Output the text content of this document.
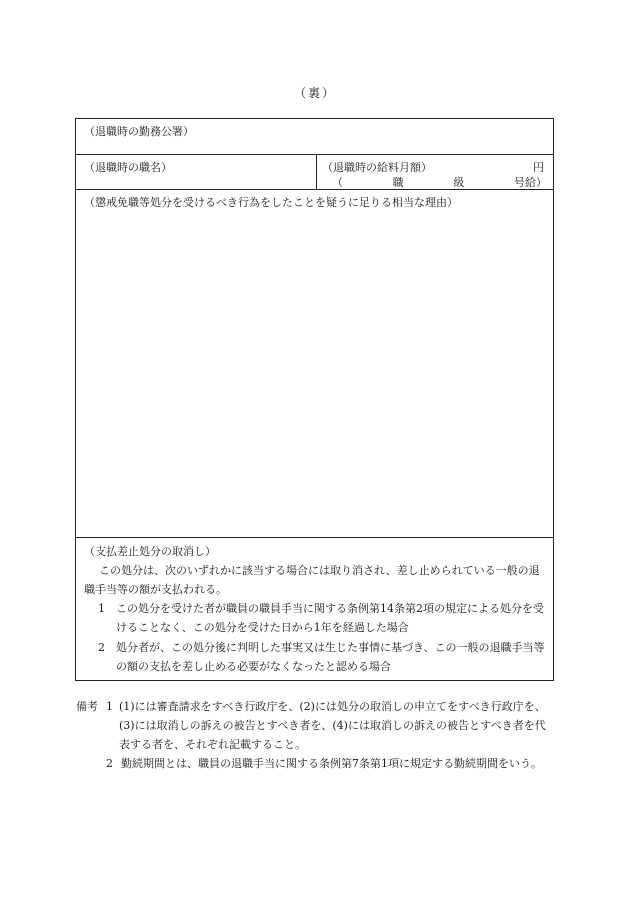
（裏）
（退職時の勤務公署）
（退職時の職名）	（退職時の給料月額）	円
（	職	級	号給）
（懲戒免職等処分を受けるべき行為をしたことを疑うに足りる相当な理由）
（支払差止処分の取消し）
この処分は、次のいずれかに該当する場合には取り消され、差し止められている一般の退職手当等の額が支払われる。
1	この処分を受けた者が職員の職員手当に関する条例第14条第2項の規定による処分を受けることなく、この処分を受けた日から1年を経過した場合
2	処分者が、この処分後に判明した事実又は生じた事情に基づき、この一般の退職手当等の額の支払を差し止める必要がなくなったと認める場合
備考 1 (1)には審査請求をすべき行政庁を、(2)には処分の取消しの申立てをすべき行政庁を、(3)には取消しの訴えの被告とすべき者を、(4)には取消しの訴えの被告とすべき者を代表する者を、それぞれ記載すること。
2 勤続期間とは、職員の退職手当に関する条例第7条第1項に規定する勤続期間をいう。
